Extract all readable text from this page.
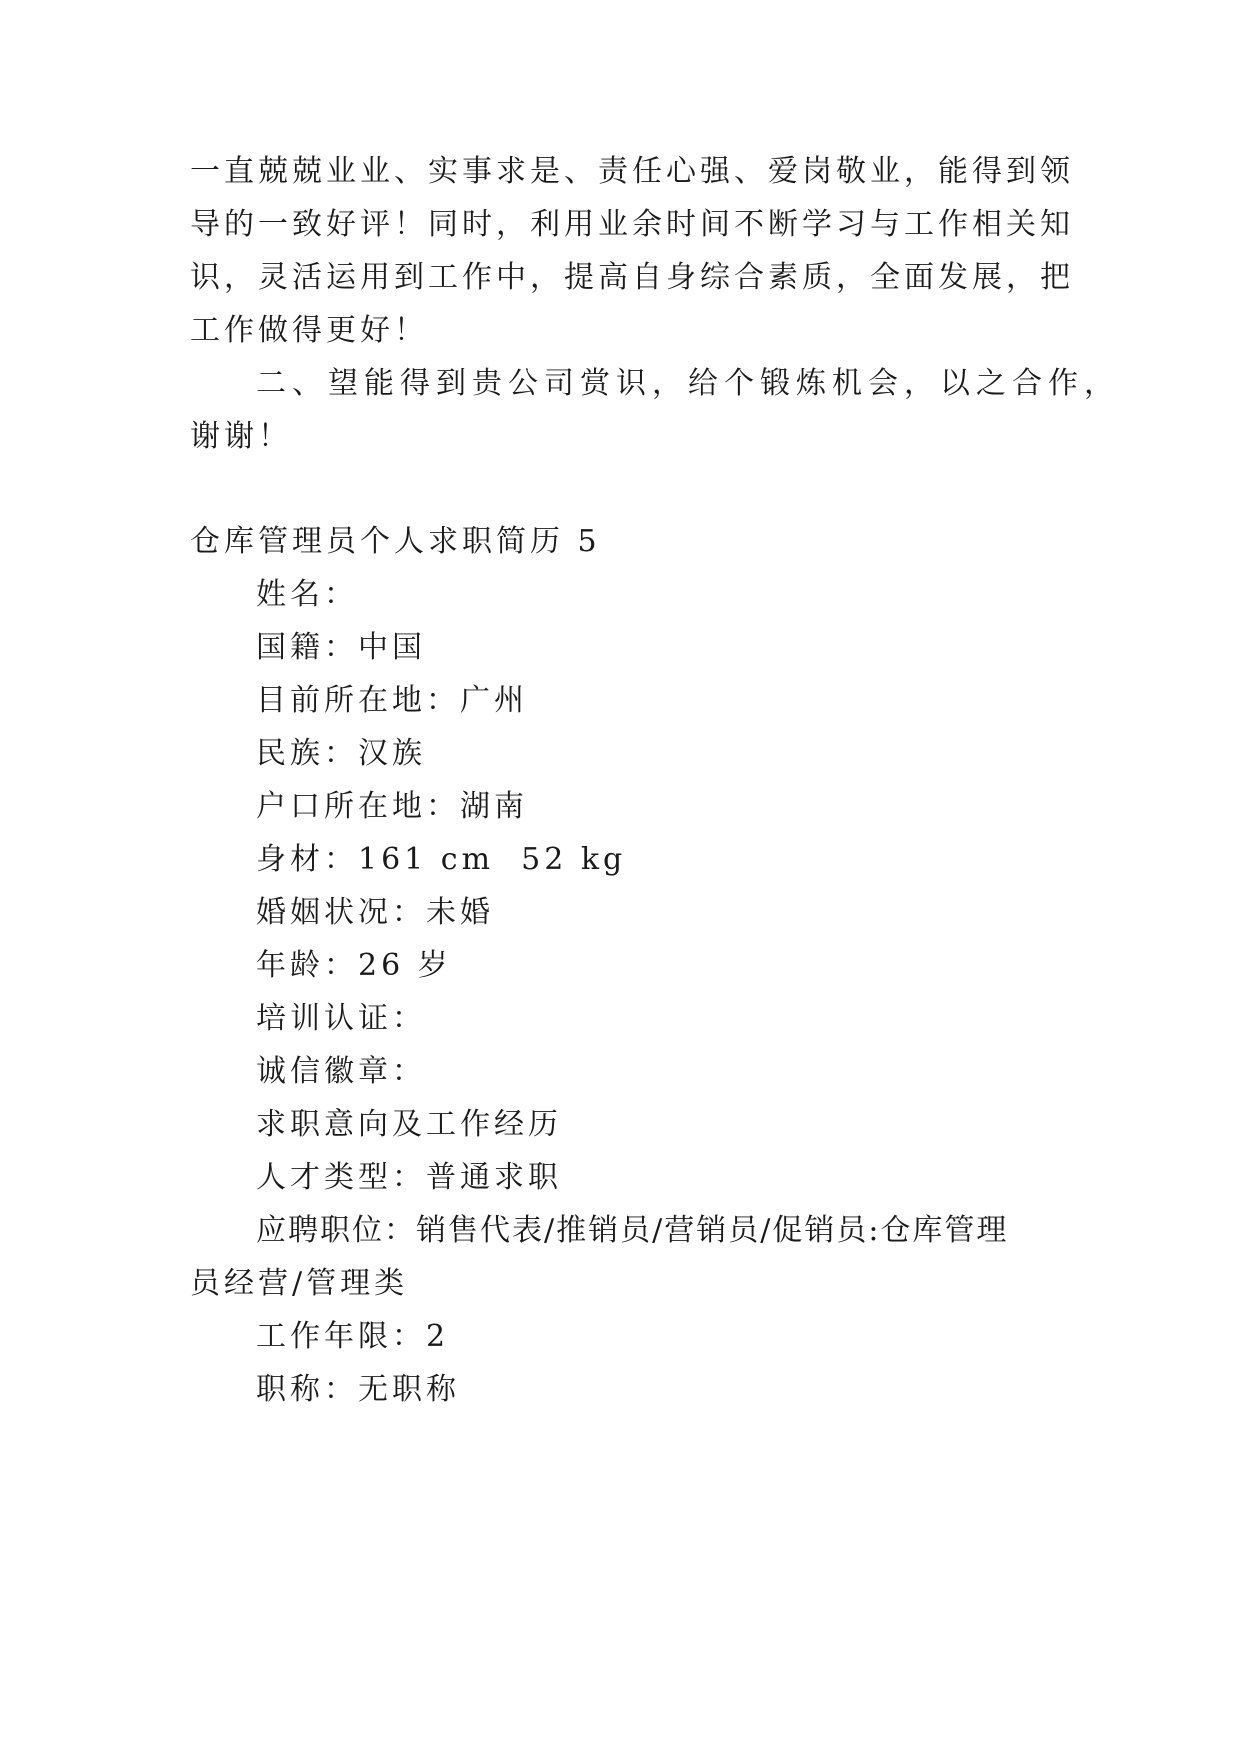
一直兢兢业业、实事求是、责任心强、爱岗敬业，能得到领
导的一致好评！同时，利用业余时间不断学习与工作相关知
识，灵活运用到工作中，提高自身综合素质，全面发展，把
工作做得更好！
二、望能得到贵公司赏识，给个锻炼机会，以之合作，
谢谢！
仓库管理员个人求职简历 5
姓名：
国籍：中国
目前所在地：广州
民族：汉族
户口所在地：湖南
身材：161 cm  52 kg
婚姻状况：未婚
年龄：26 岁
培训认证：
诚信徽章：
求职意向及工作经历
人才类型：普通求职
应聘职位：销售代表/推销员/营销员/促销员:仓库管理
员经营/管理类
工作年限：2
职称：无职称
